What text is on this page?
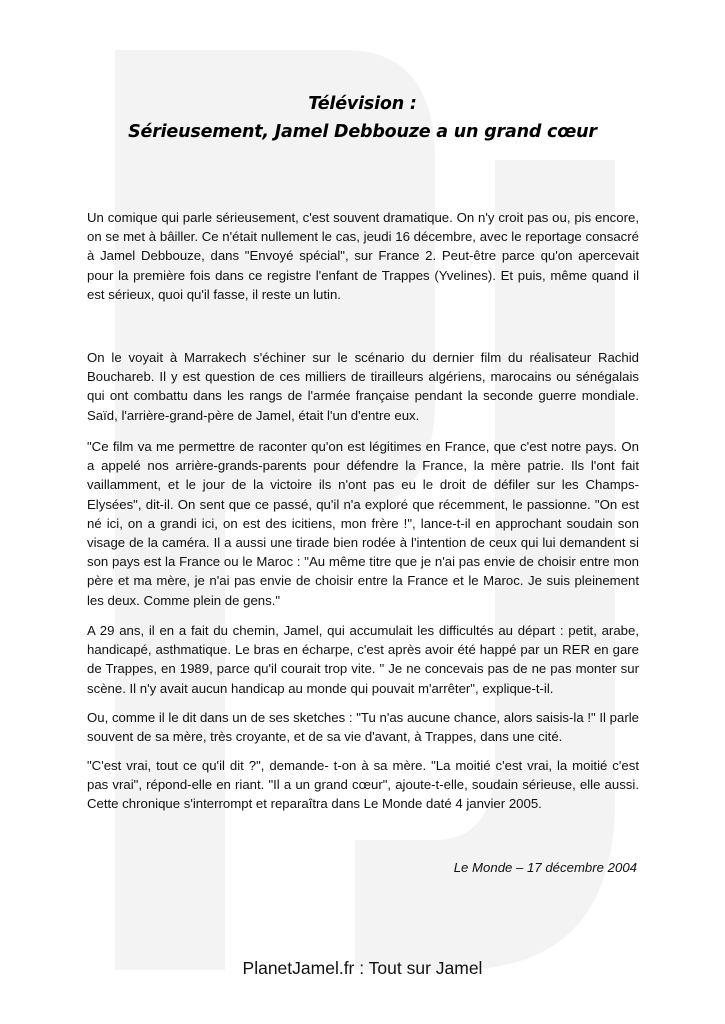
Télévision :
Sérieusement, Jamel Debbouze a un grand cœur

Un comique qui parle sérieusement, c'est souvent dramatique. On n'y croit pas ou, pis encore, on se met à bâiller. Ce n'était nullement le cas, jeudi 16 décembre, avec le reportage consacré à Jamel Debbouze, dans "Envoyé spécial", sur France 2. Peut-être parce qu'on apercevait pour la première fois dans ce registre l'enfant de Trappes (Yvelines). Et puis, même quand il est sérieux, quoi qu'il fasse, il reste un lutin.

On le voyait à Marrakech s'échiner sur le scénario du dernier film du réalisateur Rachid Bouchareb. Il y est question de ces milliers de tirailleurs algériens, marocains ou sénégalais qui ont combattu dans les rangs de l'armée française pendant la seconde guerre mondiale. Saïd, l'arrière-grand-père de Jamel, était l'un d'entre eux.

"Ce film va me permettre de raconter qu'on est légitimes en France, que c'est notre pays. On a appelé nos arrière-grands-parents pour défendre la France, la mère patrie. Ils l'ont fait vaillamment, et le jour de la victoire ils n'ont pas eu le droit de défiler sur les Champs-Elysées", dit-il. On sent que ce passé, qu'il n'a exploré que récemment, le passionne. "On est né ici, on a grandi ici, on est des icitiens, mon frère !", lance-t-il en approchant soudain son visage de la caméra. Il a aussi une tirade bien rodée à l'intention de ceux qui lui demandent si son pays est la France ou le Maroc : "Au même titre que je n'ai pas envie de choisir entre mon père et ma mère, je n'ai pas envie de choisir entre la France et le Maroc. Je suis pleinement les deux. Comme plein de gens."

A 29 ans, il en a fait du chemin, Jamel, qui accumulait les difficultés au départ : petit, arabe, handicapé, asthmatique. Le bras en écharpe, c'est après avoir été happé par un RER en gare de Trappes, en 1989, parce qu'il courait trop vite. " Je ne concevais pas de ne pas monter sur scène. Il n'y avait aucun handicap au monde qui pouvait m'arrêter", explique-t-il.

Ou, comme il le dit dans un de ses sketches : "Tu n'as aucune chance, alors saisis-la !" Il parle souvent de sa mère, très croyante, et de sa vie d'avant, à Trappes, dans une cité.

"C'est vrai, tout ce qu'il dit ?", demande- t-on à sa mère. "La moitié c'est vrai, la moitié c'est pas vrai", répond-elle en riant. "Il a un grand cœur", ajoute-t-elle, soudain sérieuse, elle aussi. Cette chronique s'interrompt et reparaîtra dans Le Monde daté 4 janvier 2005.

Le Monde – 17 décembre 2004
PlanetJamel.fr : Tout sur Jamel
